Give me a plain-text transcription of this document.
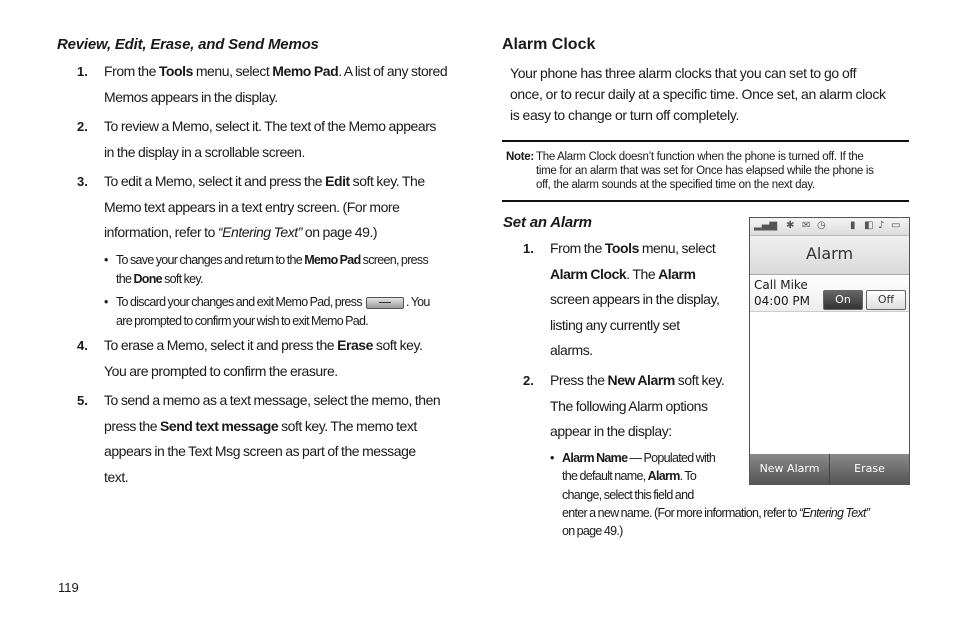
Review, Edit, Erase, and Send Memos
1. From the Tools menu, select Memo Pad. A list of any stored
Memos appears in the display.
2. To review a Memo, select it. The text of the Memo appears
in the display in a scrollable screen.
3. To edit a Memo, select it and press the Edit soft key. The
Memo text appears in a text entry screen. (For more
information, refer to “Entering Text” on page 49.)
4. To erase a Memo, select it and press the Erase soft key.
You are prompted to confirm the erasure.
5. To send a memo as a text message, select the memo, then
press the Send text message soft key. The memo text
appears in the Text Msg screen as part of the message
text.
• To save your changes and return to the Memo Pad screen, press
the Done soft key.
• To discard your changes and exit Memo Pad, press	. You
are prompted to confirm your wish to exit Memo Pad.
Alarm Clock
Your phone has three alarm clocks that you can set to go off
once, or to recur daily at a specific time. Once set, an alarm clock
is easy to change or turn off completely.
Note: The Alarm Clock doesn’t function when the phone is turned off. If the
time for an alarm that was set for Once has elapsed while the phone is
off, the alarm sounds at the specified time on the next day.
Set an Alarm
1. From the Tools menu, select
Alarm Clock. The Alarm
screen appears in the display,
listing any currently set
alarms.
2. Press the New Alarm soft key.
The following Alarm options
appear in the display:
• Alarm Name — Populated with
the default name, Alarm. To
change, select this field and
enter a new name. (For more information, refer to “Entering Text”
on page 49.)
▂▄▆ ✱ ✉ ◷ ▮ ◧ ♪ ▭
Alarm
Call Mike
04:00 PM	On	Off
New Alarm	Erase
119
